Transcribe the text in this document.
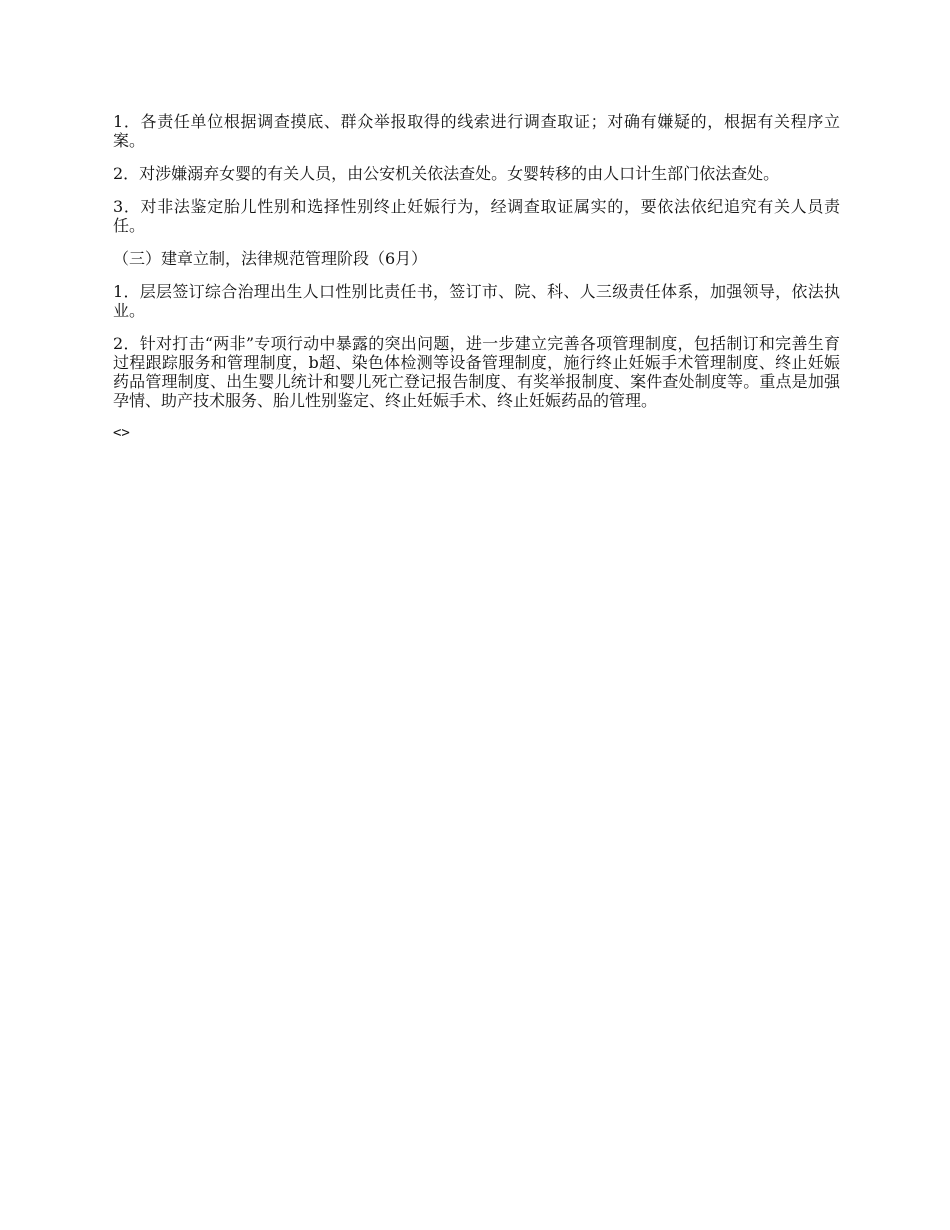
1．各责任单位根据调查摸底、群众举报取得的线索进行调查取证；对确有嫌疑的，根据有关程序立案。

2．对涉嫌溺弃女婴的有关人员，由公安机关依法查处。女婴转移的由人口计生部门依法查处。

3．对非法鉴定胎儿性别和选择性别终止妊娠行为，经调查取证属实的，要依法依纪追究有关人员责任。

（三）建章立制，法律规范管理阶段（6月）

1．层层签订综合治理出生人口性别比责任书，签订市、院、科、人三级责任体系，加强领导，依法执业。

2．针对打击“两非”专项行动中暴露的突出问题，进一步建立完善各项管理制度，包括制订和完善生育过程跟踪服务和管理制度，b超、染色体检测等设备管理制度，施行终止妊娠手术管理制度、终止妊娠药品管理制度、出生婴儿统计和婴儿死亡登记报告制度、有奖举报制度、案件查处制度等。重点是加强孕情、助产技术服务、胎儿性别鉴定、终止妊娠手术、终止妊娠药品的管理。

<>
